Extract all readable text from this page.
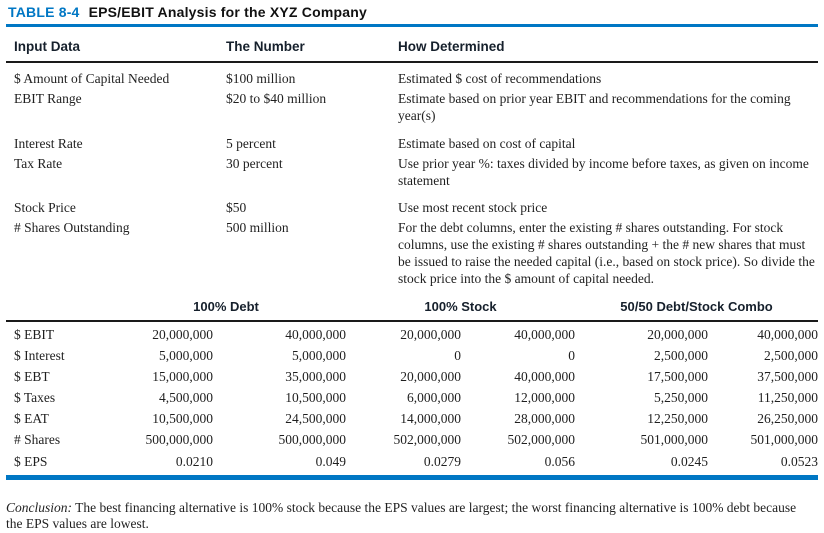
TABLE 8-4 EPS/EBIT Analysis for the XYZ Company
Input Data	The Number	How Determined
$ Amount of Capital Needed	$100 million	Estimated $ cost of recommendations
EBIT Range	$20 to $40 million	Estimate based on prior year EBIT and recommendations for the coming year(s)
Interest Rate	5 percent	Estimate based on cost of capital
Tax Rate	30 percent	Use prior year %: taxes divided by income before taxes, as given on income statement
Stock Price	$50	Use most recent stock price
# Shares Outstanding	500 million	For the debt columns, enter the existing # shares outstanding. For stock columns, use the existing # shares outstanding + the # new shares that must be issued to raise the needed capital (i.e., based on stock price). So divide the stock price into the $ amount of capital needed.
	100% Debt		100% Stock		50/50 Debt/Stock Combo	
$ EBIT	20,000,000	40,000,000	20,000,000	40,000,000	20,000,000	40,000,000
$ Interest	5,000,000	5,000,000	0	0	2,500,000	2,500,000
$ EBT	15,000,000	35,000,000	20,000,000	40,000,000	17,500,000	37,500,000
$ Taxes	4,500,000	10,500,000	6,000,000	12,000,000	5,250,000	11,250,000
$ EAT	10,500,000	24,500,000	14,000,000	28,000,000	12,250,000	26,250,000
# Shares	500,000,000	500,000,000	502,000,000	502,000,000	501,000,000	501,000,000
$ EPS	0.0210	0.049	0.0279	0.056	0.0245	0.0523

Conclusion: The best financing alternative is 100% stock because the EPS values are largest; the worst financing alternative is 100% debt because the EPS values are lowest.
